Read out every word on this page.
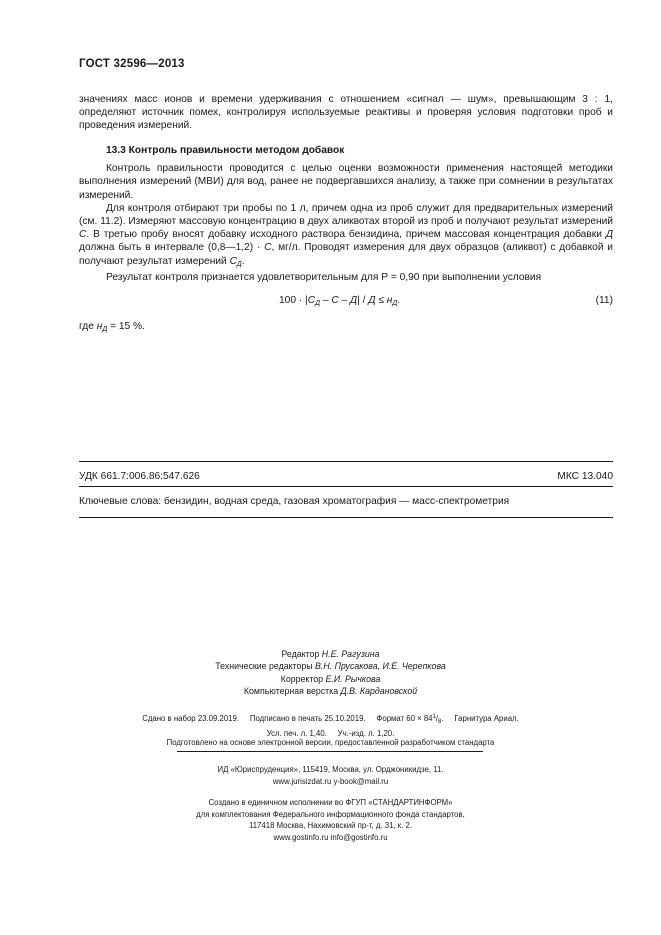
ГОСТ 32596—2013

значениях масс ионов и времени удерживания с отношением «сигнал — шум», превышающим 3 : 1, определяют источник помех, контролируя используемые реактивы и проверяя условия подготовки проб и проведения измерений.

13.3 Контроль правильности методом добавок

Контроль правильности проводится с целью оценки возможности применения настоящей методики выполнения измерений (МВИ) для вод, ранее не подвергавшихся анализу, а также при сомнении в результатах измерений.

Для контроля отбирают три пробы по 1 л, причем одна из проб служит для предварительных измерений (см. 11.2). Измеряют массовую концентрацию в двух аликвотах второй из проб и получают результат измерений С. В третью пробу вносят добавку исходного раствора бензидина, причем массовая концентрация добавки Д должна быть в интервале (0,8—1,2) · С, мг/л. Проводят измерения для двух образцов (аликвот) с добавкой и получают результат измерений $С_Д$.

Результат контроля признается удовлетворительным для Р = 0,90 при выполнении условия

$100 \cdot |С_Д - С - Д| / Д \le н_Д$.	(11)
где $н_Д = 15$ %.
УДК 661.7:006.86:547.626	МКС 13.040
Ключевые слова: бензидин, водная среда, газовая хроматография — масс-спектрометрия
Редактор Н.Е. Рагузина
Технические редакторы В.Н. Прусакова, И.Е. Черепкова
Корректор Е.И. Рычкова
Компьютерная верстка Д.В. Кардановской
Сдано в набор 23.09.2019.     Подписано в печать 25.10.2019.     Формат $60 \times 84^1/_8$.     Гарнитура Ариал.
Усл. печ. л. 1,40.     Уч.-изд. л. 1,20.
Подготовлено на основе электронной версии, предоставленной разработчиком стандарта
ИД «Юриспруденция», 115419, Москва, ул. Орджоникидзе, 11.
www.jurisizdat.ru y-book@mail.ru
Создано в единичном исполнении во ФГУП «СТАНДАРТИНФОРМ»
для комплектования Федерального информационного фонда стандартов,
117418 Москва, Нахимовский пр-т, д. 31, к. 2.
www.gostinfo.ru info@gostinfo.ru
